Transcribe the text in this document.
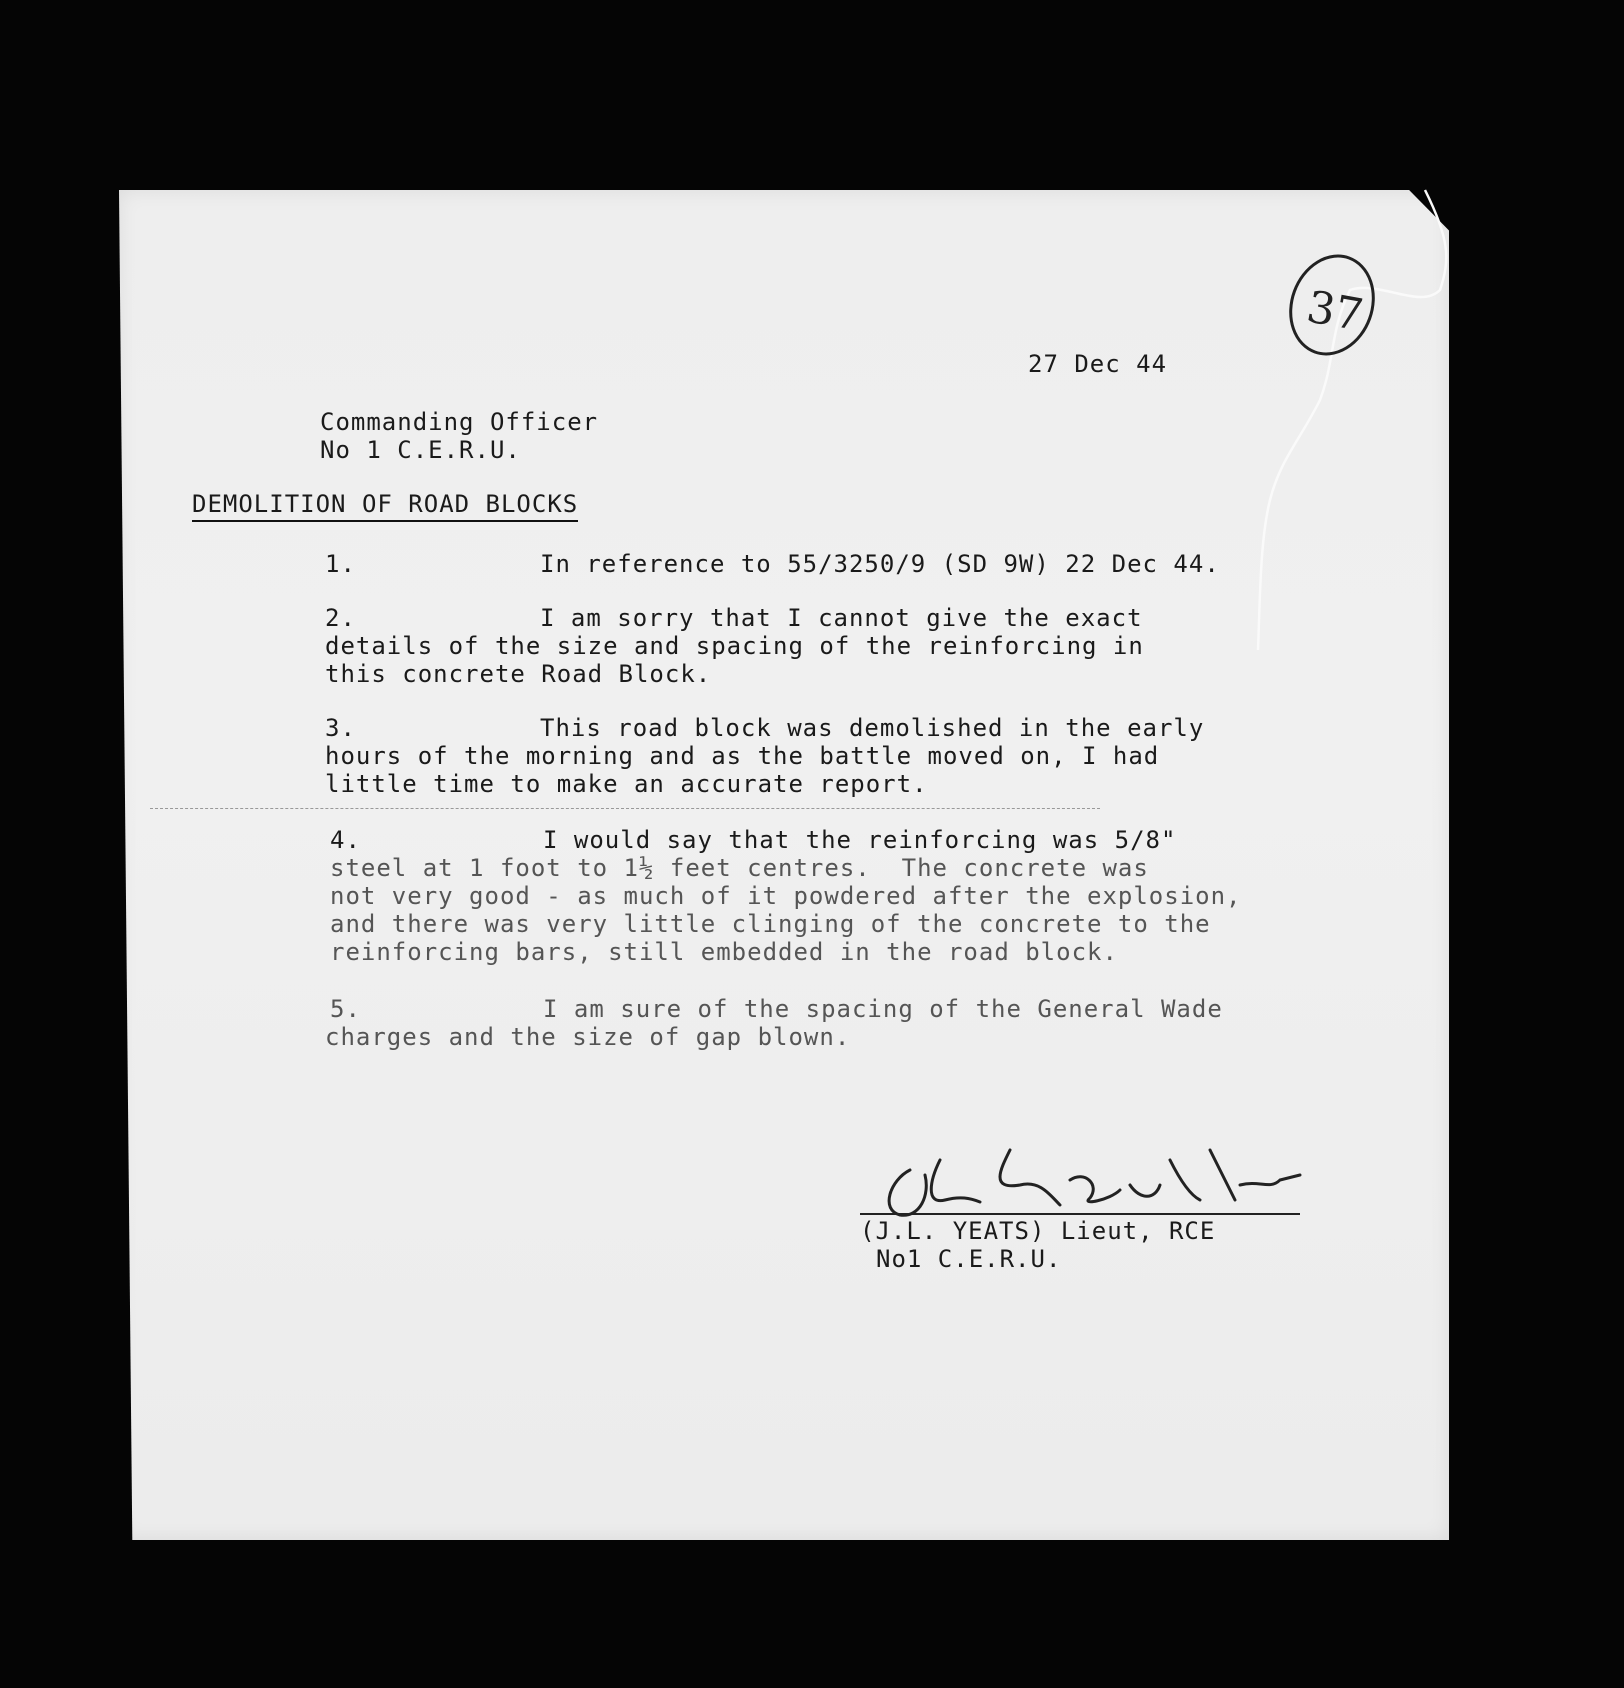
37
27 Dec 44
Commanding Officer
No 1 C.E.R.U.
DEMOLITION OF ROAD BLOCKS
1.	In reference to 55/3250/9 (SD 9W) 22 Dec 44.
2.	I am sorry that I cannot give the exact
details of the size and spacing of the reinforcing in
this concrete Road Block.
3.	This road block was demolished in the early
hours of the morning and as the battle moved on, I had
little time to make an accurate report.
4.	I would say that the reinforcing was 5/8"
steel at 1 foot to 1½ feet centres.  The concrete was
not very good - as much of it powdered after the explosion,
and there was very little clinging of the concrete to the
reinforcing bars, still embedded in the road block.
5.	I am sure of the spacing of the General Wade
charges and the size of gap blown.
(J.L. YEATS) Lieut, RCE
No1 C.E.R.U.
